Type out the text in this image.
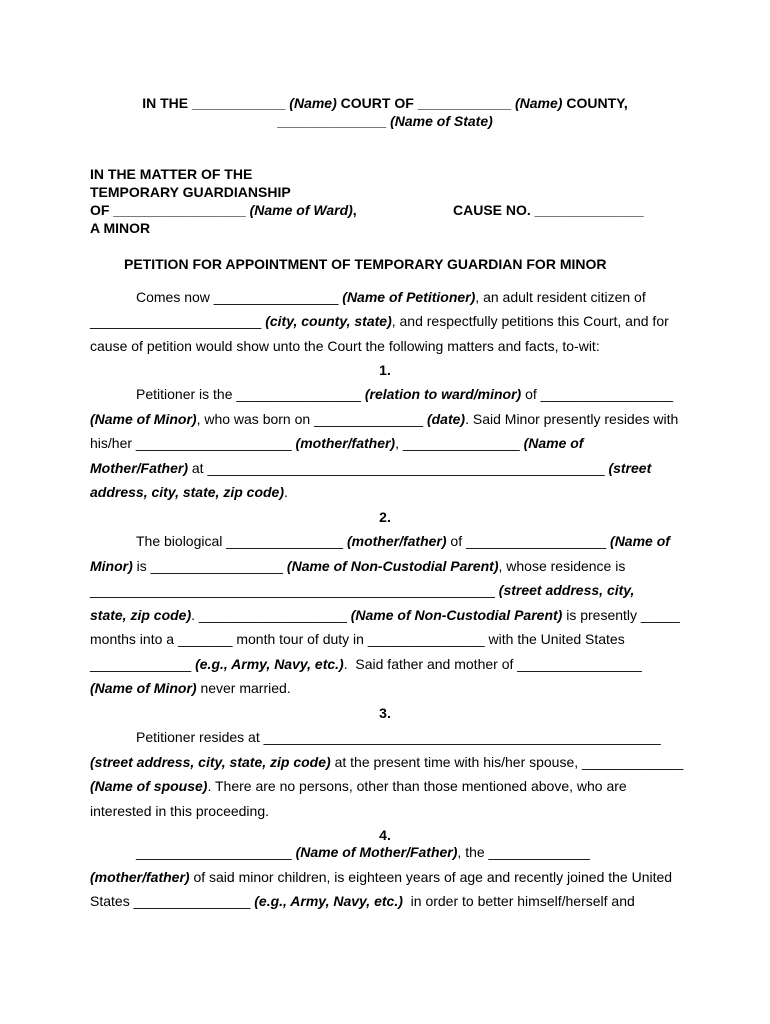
IN THE ____________ (Name) COURT OF ____________ (Name) COUNTY,
______________ (Name of State)
IN THE MATTER OF THE
TEMPORARY GUARDIANSHIP
OF _________________ (Name of Ward),	CAUSE NO. ______________
A MINOR
PETITION FOR APPOINTMENT OF TEMPORARY GUARDIAN FOR MINOR
Comes now ________________ (Name of Petitioner), an adult resident citizen of
______________________ (city, county, state), and respectfully petitions this Court, and for
cause of petition would show unto the Court the following matters and facts, to-wit:
1.
Petitioner is the ________________ (relation to ward/minor) of _________________
(Name of Minor), who was born on ______________ (date). Said Minor presently resides with
his/her ____________________ (mother/father), _______________ (Name of
Mother/Father) at ___________________________________________________ (street
address, city, state, zip code).
2.
The biological _______________ (mother/father) of __________________ (Name of
Minor) is _________________ (Name of Non-Custodial Parent), whose residence is
____________________________________________________ (street address, city,
state, zip code). ___________________ (Name of Non-Custodial Parent) is presently _____
months into a _______ month tour of duty in _______________ with the United States
_____________ (e.g., Army, Navy, etc.).  Said father and mother of ________________
(Name of Minor) never married.
3.
Petitioner resides at ___________________________________________________
(street address, city, state, zip code) at the present time with his/her spouse, _____________
(Name of spouse). There are no persons, other than those mentioned above, who are
interested in this proceeding.
4.
____________________ (Name of Mother/Father), the _____________
(mother/father) of said minor children, is eighteen years of age and recently joined the United
States _______________ (e.g., Army, Navy, etc.)  in order to better himself/herself and
